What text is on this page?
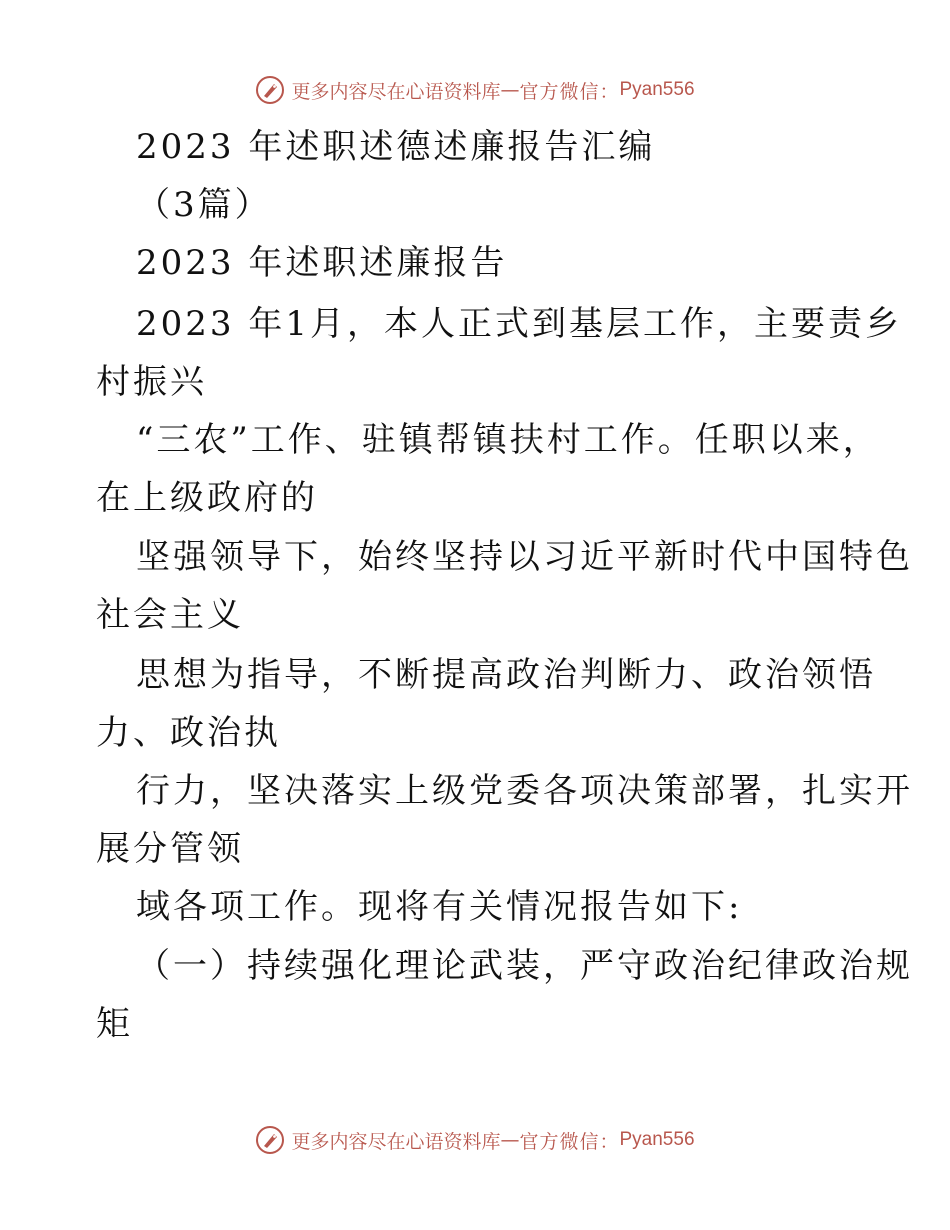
更多内容尽在心语资料库 — 官方微信： Pyan556
2023 年述职述德述廉报告汇编
（3篇）
2023 年述职述廉报告
2023 年1月，本人正式到基层工作，主要责乡
村振兴
“三农”工作、驻镇帮镇扶村工作。任职以来，
在上级政府的
坚强领导下，始终坚持以习近平新时代中国特色
社会主义
思想为指导，不断提高政治判断力、政治领悟
力、政治执
行力，坚决落实上级党委各项决策部署，扎实开
展分管领
域各项工作。现将有关情况报告如下:
（一）持续强化理论武装，严守政治纪律政治规
矩
更多内容尽在心语资料库 — 官方微信： Pyan556
